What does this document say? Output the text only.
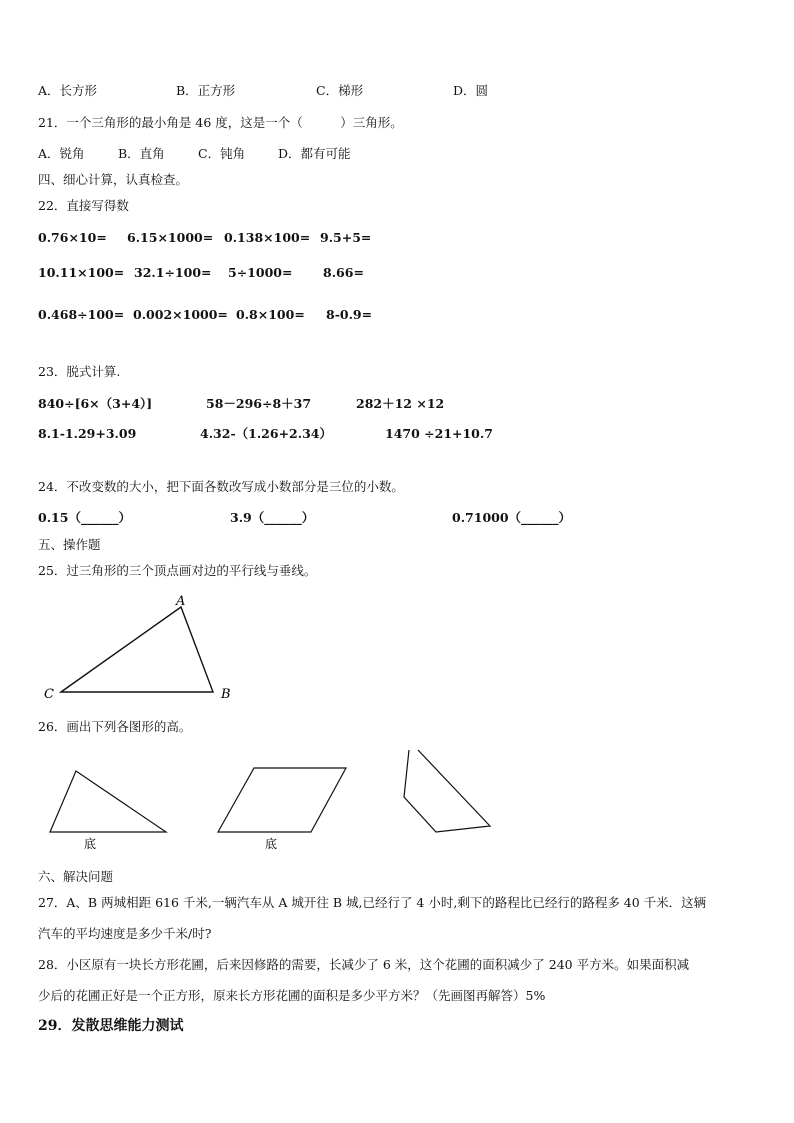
A．长方形	B．正方形	C．梯形	D．圆
21．一个三角形的最小角是 46 度，这是一个（　　　）三角形。
A．锐角	B．直角	C．钝角	D．都有可能
四、细心计算，认真检查。
22．直接写得数
0.76×10= 6.15×1000= 0.138×100= 9.5+5=
10.11×100= 32.1÷100= 5÷1000= 8.66=
0.468÷100= 0.002×1000= 0.8×100= 8-0.9=
23．脱式计算.
840÷[6×（3+4）]	58－296÷8＋37	282＋12 ×12
8.1-1.29+3.09	4.32-（1.26+2.34）	1470 ÷21+10.7
24．不改变数的大小，把下面各数改写成小数部分是三位的小数。
0.15（______）	3.9（______）	0.71000（______）
五、操作题
25．过三角形的三个顶点画对边的平行线与垂线。
A
B
C
26．画出下列各图形的高。
底	底
六、解决问题
27．A、B 两城相距 616 千米,一辆汽车从 A 城开往 B 城,已经行了 4 小时,剩下的路程比已经行的路程多 40 千米．这辆
汽车的平均速度是多少千米/时?
28．小区原有一块长方形花圃，后来因修路的需要，长减少了 6 米，这个花圃的面积减少了 240 平方米。如果面积减
少后的花圃正好是一个正方形，原来长方形花圃的面积是多少平方米？（先画图再解答）5%
29．发散思维能力测试
